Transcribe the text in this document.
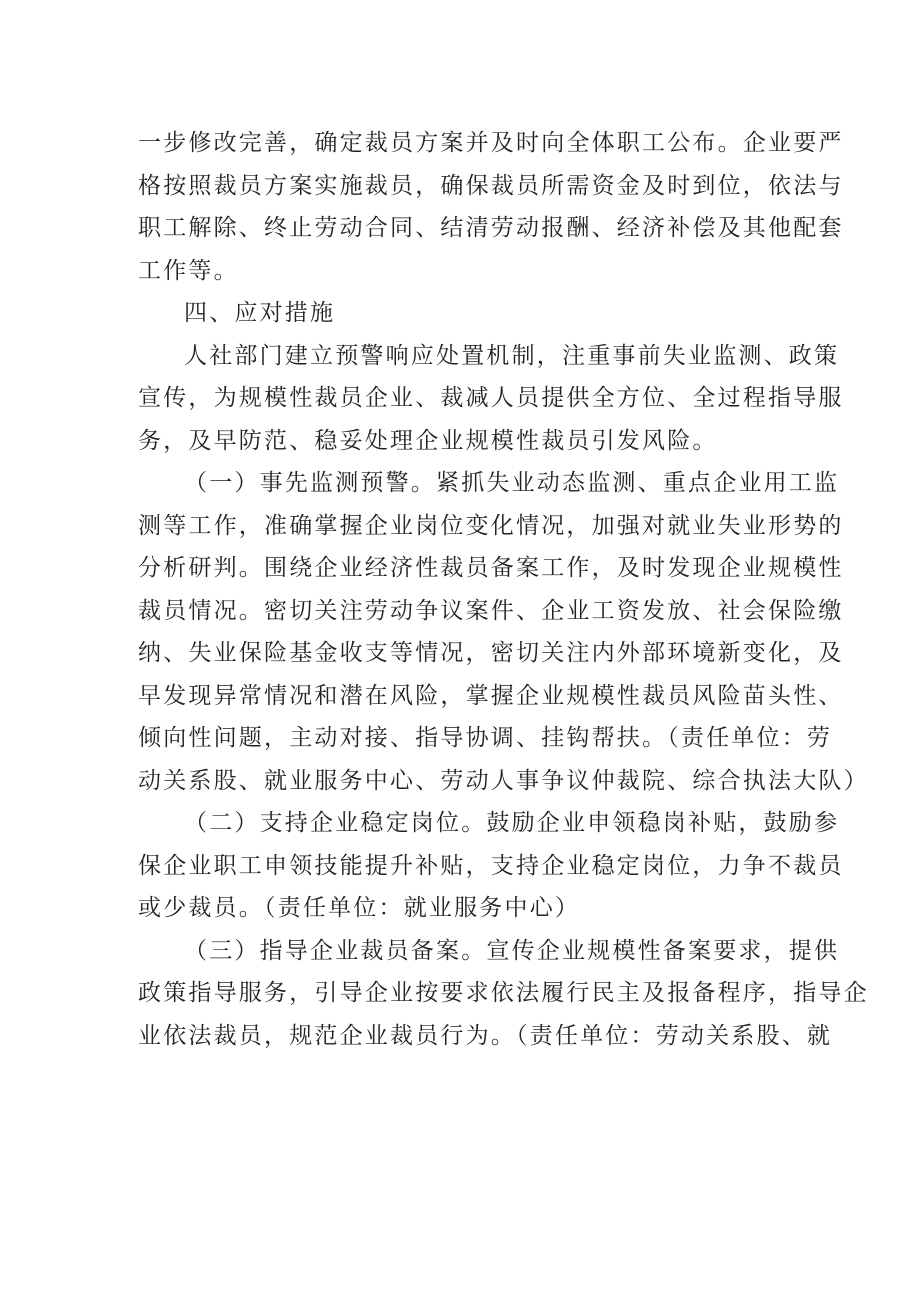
一步修改完善，确定裁员方案并及时向全体职工公布。企业要严
格按照裁员方案实施裁员，确保裁员所需资金及时到位，依法与
职工解除、终止劳动合同、结清劳动报酬、经济补偿及其他配套
工作等。
四、应对措施
人社部门建立预警响应处置机制，注重事前失业监测、政策
宣传，为规模性裁员企业、裁减人员提供全方位、全过程指导服
务，及早防范、稳妥处理企业规模性裁员引发风险。
（一）事先监测预警。紧抓失业动态监测、重点企业用工监
测等工作，准确掌握企业岗位变化情况，加强对就业失业形势的
分析研判。围绕企业经济性裁员备案工作，及时发现企业规模性
裁员情况。密切关注劳动争议案件、企业工资发放、社会保险缴
纳、失业保险基金收支等情况，密切关注内外部环境新变化，及
早发现异常情况和潜在风险，掌握企业规模性裁员风险苗头性、
倾向性问题，主动对接、指导协调、挂钩帮扶。（责任单位：劳
动关系股、就业服务中心、劳动人事争议仲裁院、综合执法大队）
（二）支持企业稳定岗位。鼓励企业申领稳岗补贴，鼓励参
保企业职工申领技能提升补贴，支持企业稳定岗位，力争不裁员
或少裁员。（责任单位：就业服务中心）
（三）指导企业裁员备案。宣传企业规模性备案要求，提供
政策指导服务，引导企业按要求依法履行民主及报备程序，指导企
业依法裁员，规范企业裁员行为。（责任单位：劳动关系股、就
